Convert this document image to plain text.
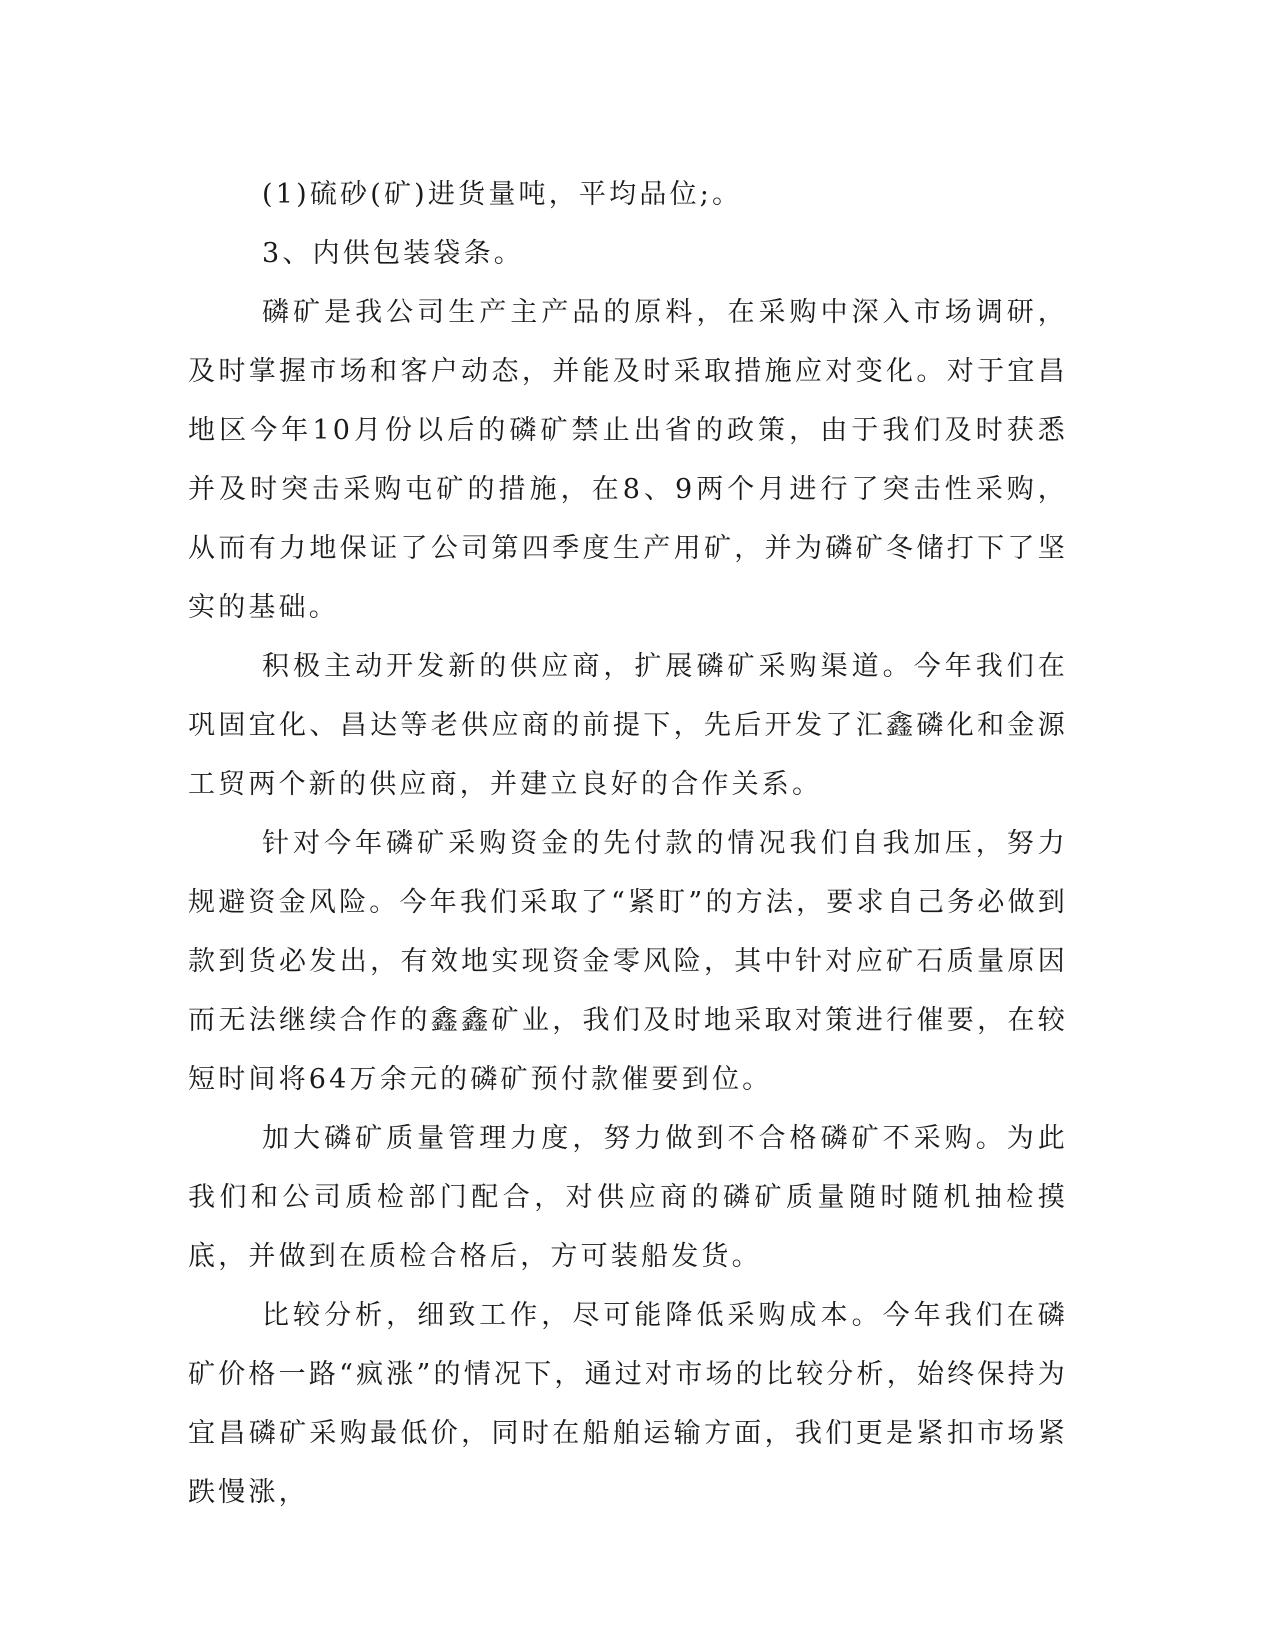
(1)硫砂(矿)进货量吨，平均品位;。

3、内供包装袋条。

磷矿是我公司生产主产品的原料，在采购中深入市场调研，及时掌握市场和客户动态，并能及时采取措施应对变化。对于宜昌地区今年10月份以后的磷矿禁止出省的政策，由于我们及时获悉并及时突击采购屯矿的措施，在8、9两个月进行了突击性采购，从而有力地保证了公司第四季度生产用矿，并为磷矿冬储打下了坚实的基础。

积极主动开发新的供应商，扩展磷矿采购渠道。今年我们在巩固宜化、昌达等老供应商的前提下，先后开发了汇鑫磷化和金源工贸两个新的供应商，并建立良好的合作关系。

针对今年磷矿采购资金的先付款的情况我们自我加压，努力规避资金风险。今年我们采取了“紧盯”的方法，要求自己务必做到款到货必发出，有效地实现资金零风险，其中针对应矿石质量原因而无法继续合作的鑫鑫矿业，我们及时地采取对策进行催要，在较短时间将64万余元的磷矿预付款催要到位。

加大磷矿质量管理力度，努力做到不合格磷矿不采购。为此我们和公司质检部门配合，对供应商的磷矿质量随时随机抽检摸底，并做到在质检合格后，方可装船发货。

比较分析，细致工作，尽可能降低采购成本。今年我们在磷矿价格一路“疯涨”的情况下，通过对市场的比较分析，始终保持为宜昌磷矿采购最低价，同时在船舶运输方面，我们更是紧扣市场紧跌慢涨，
